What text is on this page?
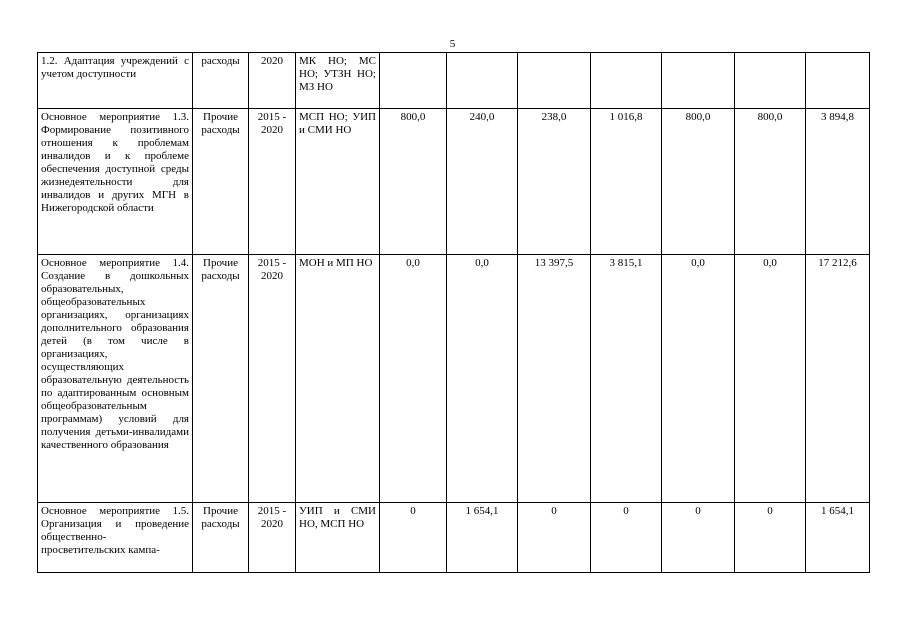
5
1.2. Адаптация учреждений с учетом доступности	расходы	2020	МК НО; МС НО; УТЗН НО; МЗ НО							
Основное мероприятие 1.3. Формирование позитивного отношения к проблемам инвалидов и к проблеме обеспечения доступной среды жизнедеятельности для инвалидов и других МГН в Нижегородской области	Прочие расходы	2015 - 2020	МСП НО; УИП и СМИ НО	800,0	240,0	238,0	1 016,8	800,0	800,0	3 894,8
Основное мероприятие 1.4. Создание в дошкольных образовательных, общеобразовательных организациях, организациях дополнительного образования детей (в том числе в организациях, осуществляющих образовательную деятельность по адаптированным основным общеобразовательным программам) условий для получения детьми-инвалидами качественного образования	Прочие расходы	2015 - 2020	МОН и МП НО	0,0	0,0	13 397,5	3 815,1	0,0	0,0	17 212,6
Основное мероприятие 1.5. Организация и проведение общественно-просветительских кампа-	Прочие расходы	2015 - 2020	УИП и СМИ НО, МСП НО	0	1 654,1	0	0	0	0	1 654,1
